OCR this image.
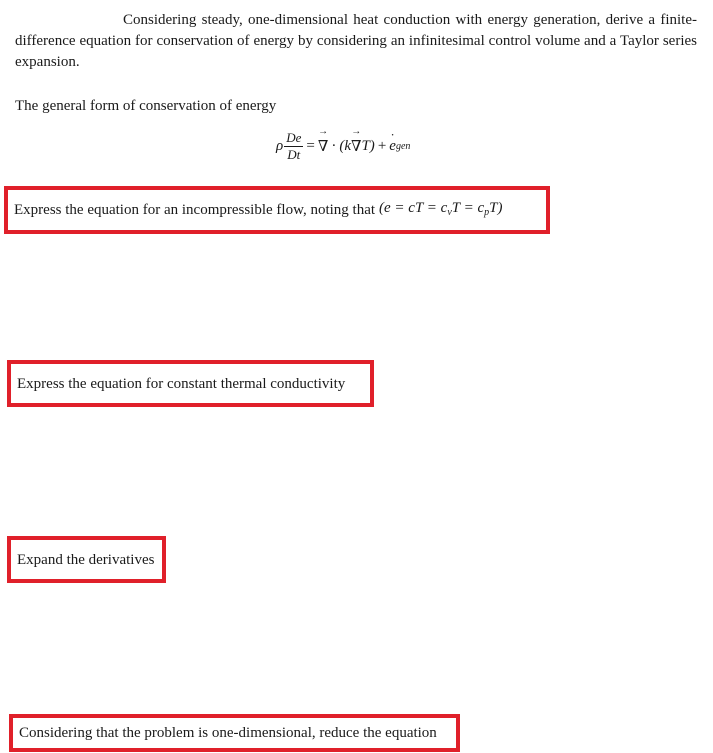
Considering steady, one-dimensional heat conduction with energy generation, derive a finite-difference equation for conservation of energy by considering an infinitesimal control volume and a Taylor series expansion.

The general form of conservation of energy

ρ $\frac{De}{Dt}$ = → ∇ · (k → ∇ T) + ˙ e gen
Express the equation for an incompressible flow, noting that (e = cT = $c_vT = c_pT$)
Express the equation for constant thermal conductivity
Expand the derivatives
Considering that the problem is one-dimensional, reduce the equation
